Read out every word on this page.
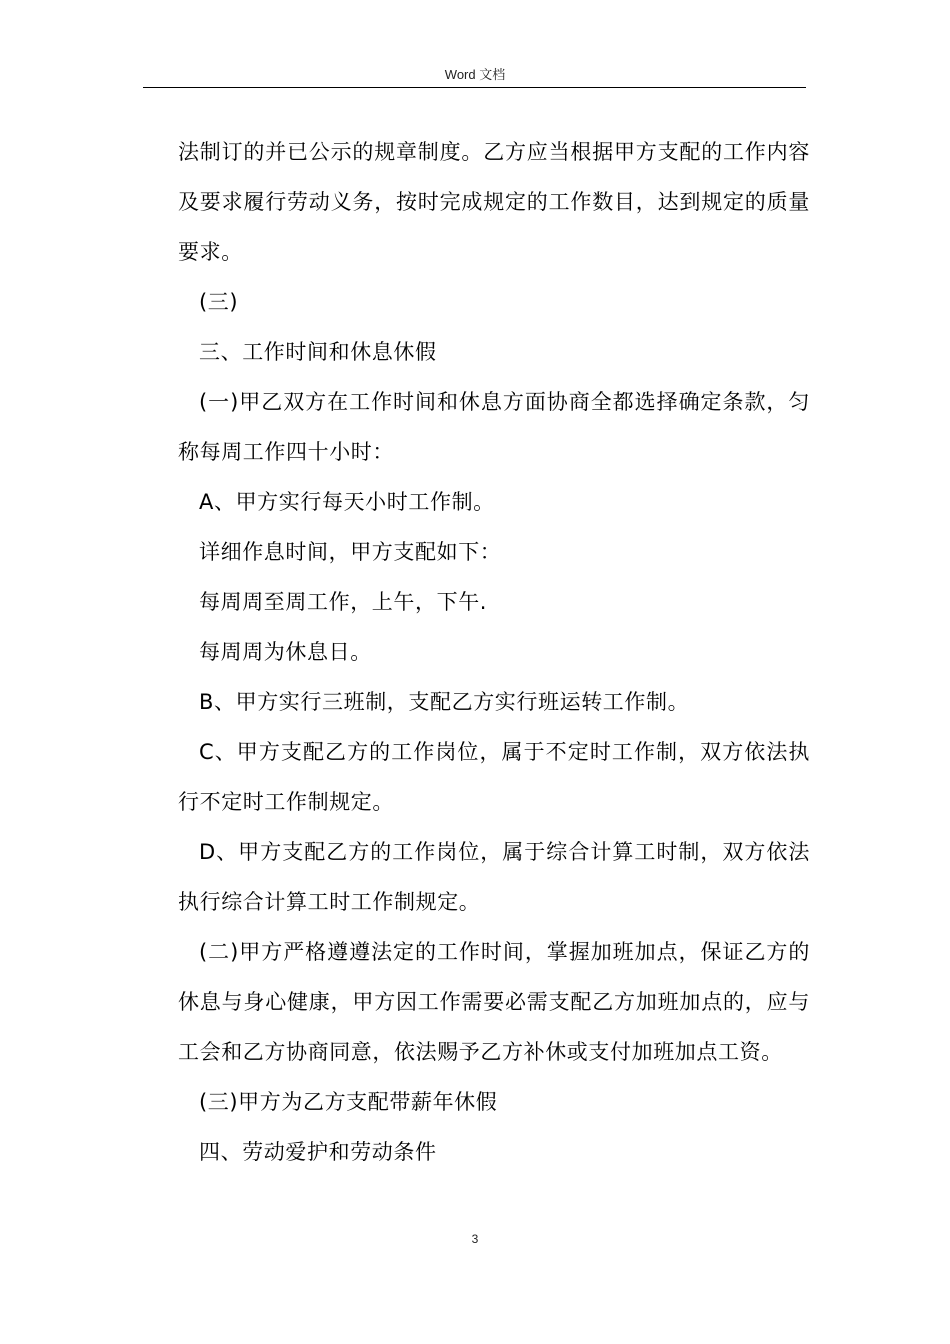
Word 文档

法制订的并已公示的规章制度。乙方应当根据甲方支配的工作内容及要求履行劳动义务，按时完成规定的工作数目，达到规定的质量要求。

(三)

三、工作时间和休息休假

(一)甲乙双方在工作时间和休息方面协商全都选择确定条款，匀称每周工作四十小时：

A、甲方实行每天小时工作制。

详细作息时间，甲方支配如下：

每周周至周工作，上午，下午.

每周周为休息日。

B、甲方实行三班制，支配乙方实行班运转工作制。

C、甲方支配乙方的工作岗位，属于不定时工作制，双方依法执行不定时工作制规定。

D、甲方支配乙方的工作岗位，属于综合计算工时制，双方依法执行综合计算工时工作制规定。

(二)甲方严格遵遵法定的工作时间，掌握加班加点，保证乙方的休息与身心健康，甲方因工作需要必需支配乙方加班加点的，应与工会和乙方协商同意，依法赐予乙方补休或支付加班加点工资。

(三)甲方为乙方支配带薪年休假

四、劳动爱护和劳动条件

3
